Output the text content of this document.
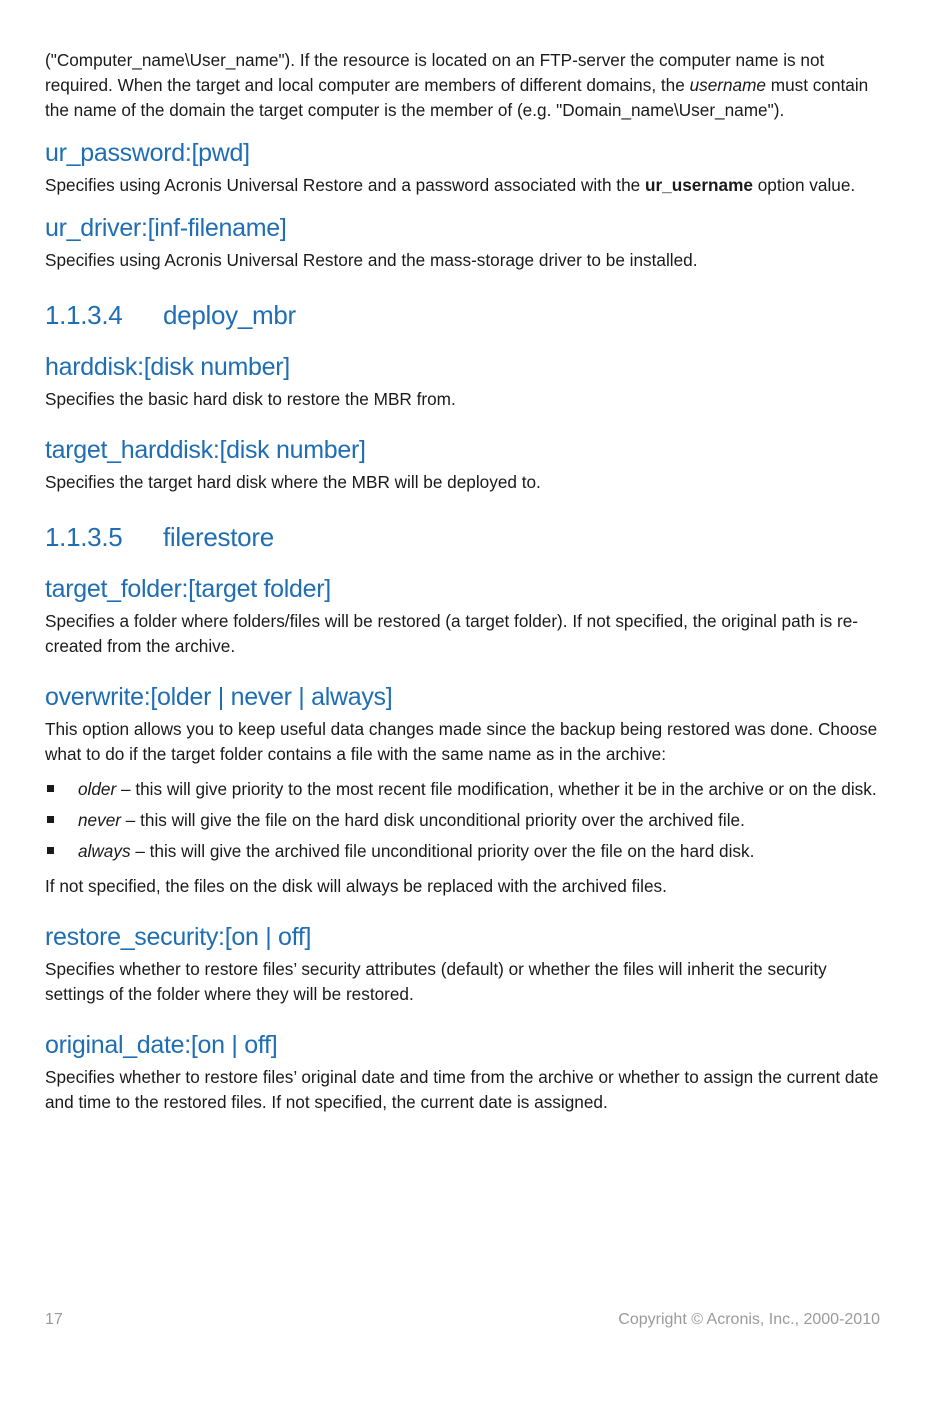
("Computer_name\User_name"). If the resource is located on an FTP-server the computer name is not required. When the target and local computer are members of different domains, the username must contain the name of the domain the target computer is the member of (e.g. "Domain_name\User_name").

ur_password:[pwd]

Specifies using Acronis Universal Restore and a password associated with the ur_username option value.

ur_driver:[inf-filename]

Specifies using Acronis Universal Restore and the mass-storage driver to be installed.

1.1.3.4 deploy_mbr
harddisk:[disk number]

Specifies the basic hard disk to restore the MBR from.

target_harddisk:[disk number]

Specifies the target hard disk where the MBR will be deployed to.

1.1.3.5 filerestore
target_folder:[target folder]

Specifies a folder where folders/files will be restored (a target folder). If not specified, the original path is re-created from the archive.

overwrite:[older | never | always]

This option allows you to keep useful data changes made since the backup being restored was done. Choose what to do if the target folder contains a file with the same name as in the archive:

older – this will give priority to the most recent file modification, whether it be in the archive or on the disk.
never – this will give the file on the hard disk unconditional priority over the archived file.
always – this will give the archived file unconditional priority over the file on the hard disk.

If not specified, the files on the disk will always be replaced with the archived files.

restore_security:[on | off]

Specifies whether to restore files’ security attributes (default) or whether the files will inherit the security settings of the folder where they will be restored.

original_date:[on | off]

Specifies whether to restore files’ original date and time from the archive or whether to assign the current date and time to the restored files. If not specified, the current date is assigned.

17	Copyright © Acronis, Inc., 2000-2010
